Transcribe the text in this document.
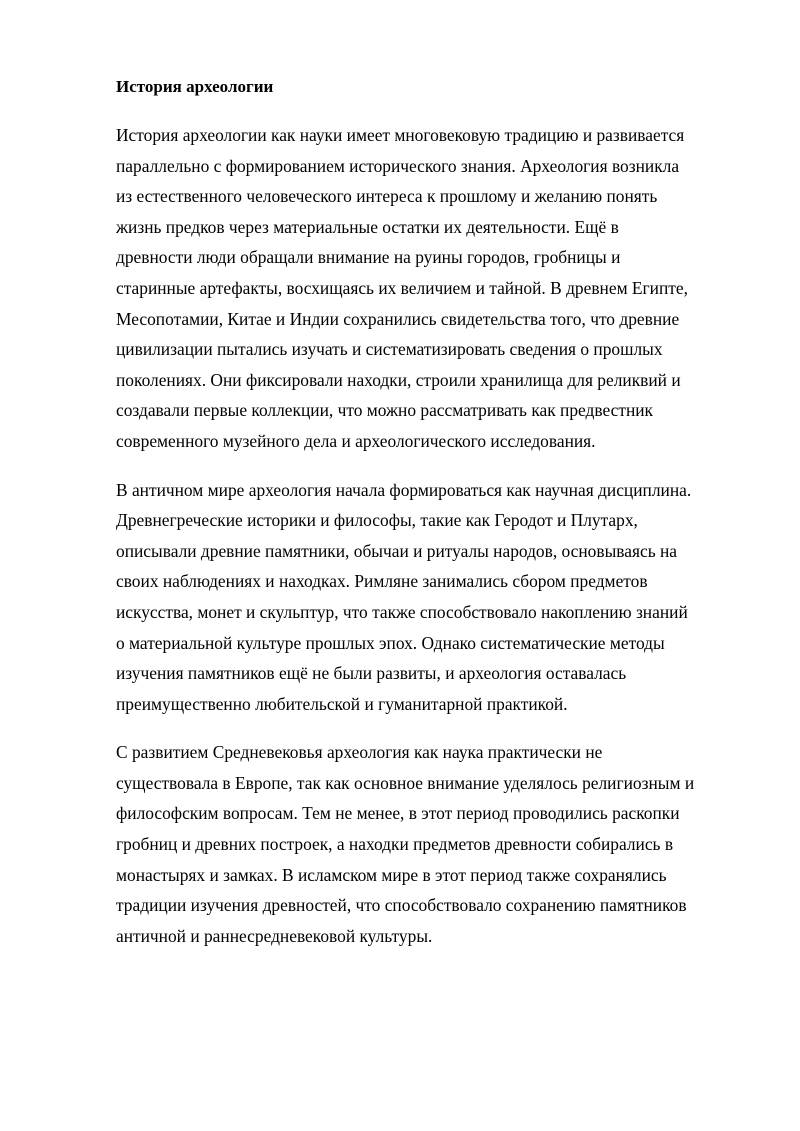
История археологии
История археологии как науки имеет многовековую традицию и развивается
параллельно с формированием исторического знания. Археология возникла
из естественного человеческого интереса к прошлому и желанию понять
жизнь предков через материальные остатки их деятельности. Ещё в
древности люди обращали внимание на руины городов, гробницы и
старинные артефакты, восхищаясь их величием и тайной. В древнем Египте,
Месопотамии, Китае и Индии сохранились свидетельства того, что древние
цивилизации пытались изучать и систематизировать сведения о прошлых
поколениях. Они фиксировали находки, строили хранилища для реликвий и
создавали первые коллекции, что можно рассматривать как предвестник
современного музейного дела и археологического исследования.
В античном мире археология начала формироваться как научная дисциплина.
Древнегреческие историки и философы, такие как Геродот и Плутарх,
описывали древние памятники, обычаи и ритуалы народов, основываясь на
своих наблюдениях и находках. Римляне занимались сбором предметов
искусства, монет и скульптур, что также способствовало накоплению знаний
о материальной культуре прошлых эпох. Однако систематические методы
изучения памятников ещё не были развиты, и археология оставалась
преимущественно любительской и гуманитарной практикой.
С развитием Средневековья археология как наука практически не
существовала в Европе, так как основное внимание уделялось религиозным и
философским вопросам. Тем не менее, в этот период проводились раскопки
гробниц и древних построек, а находки предметов древности собирались в
монастырях и замках. В исламском мире в этот период также сохранялись
традиции изучения древностей, что способствовало сохранению памятников
античной и раннесредневековой культуры.
